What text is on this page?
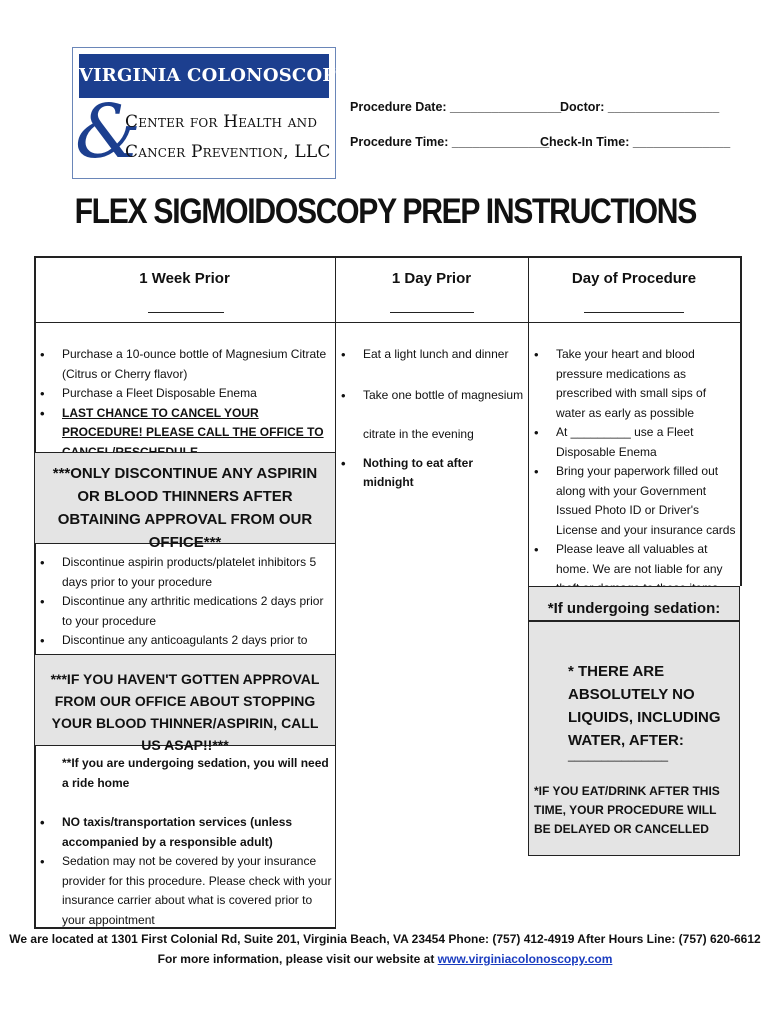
VIRGINIA COLONOSCOPY
&
Center for Health and
Cancer Prevention, LLC
Procedure Date: ________________
Doctor: ________________
Procedure Time: ______________
Check-In Time: ______________
FLEX SIGMOIDOSCOPY PREP INSTRUCTIONS
1 Week Prior	1 Day Prior	Day of Procedure
• Purchase a 10-ounce bottle of Magnesium Citrate (Citrus or Cherry flavor)
• Purchase a Fleet Disposable Enema
• LAST CHANCE TO CANCEL YOUR PROCEDURE! PLEASE CALL THE OFFICE TO
***ONLY DISCONTINUE ANY ASPIRIN OR BLOOD THINNERS AFTER OBTAINING APPROVAL FROM OUR OFFICE***
• Discontinue aspirin products/platelet inhibitors 5 days prior to your procedure
• Discontinue any arthritic medications 2 days prior to your procedure
• Discontinue any anticoagulants 2 days prior to
***IF YOU HAVEN'T GOTTEN APPROVAL FROM OUR OFFICE ABOUT STOPPING YOUR BLOOD THINNER/ASPIRIN, CALL US ASAP!!***
**If you are undergoing sedation, you will need a ride home
• NO taxis/transportation services (unless accompanied by a responsible adult)
• Sedation may not be covered by your insurance provider for this procedure. Please check with your insurance carrier about what is covered prior to your appointment
• Eat a light lunch and dinner
• Take one bottle of magnesium citrate in the evening
• Nothing to eat after midnight
• Take your heart and blood pressure medications as prescribed with small sips of water as early as possible
• At _________ use a Fleet Disposable Enema
• Bring your paperwork filled out along with your Government Issued Photo ID or Driver's License and your insurance cards
• Please leave all valuables at home. We are not liable for any
*If undergoing sedation:
* THERE ARE ABSOLUTELY NO LIQUIDS, INCLUDING WATER, AFTER:
_______________
*IF YOU EAT/DRINK AFTER THIS TIME, YOUR PROCEDURE WILL BE DELAYED OR CANCELLED
We are located at 1301 First Colonial Rd, Suite 201, Virginia Beach, VA 23454 Phone: (757) 412-4919 After Hours Line: (757) 620-6612
For more information, please visit our website at www.virginiacolonoscopy.com
